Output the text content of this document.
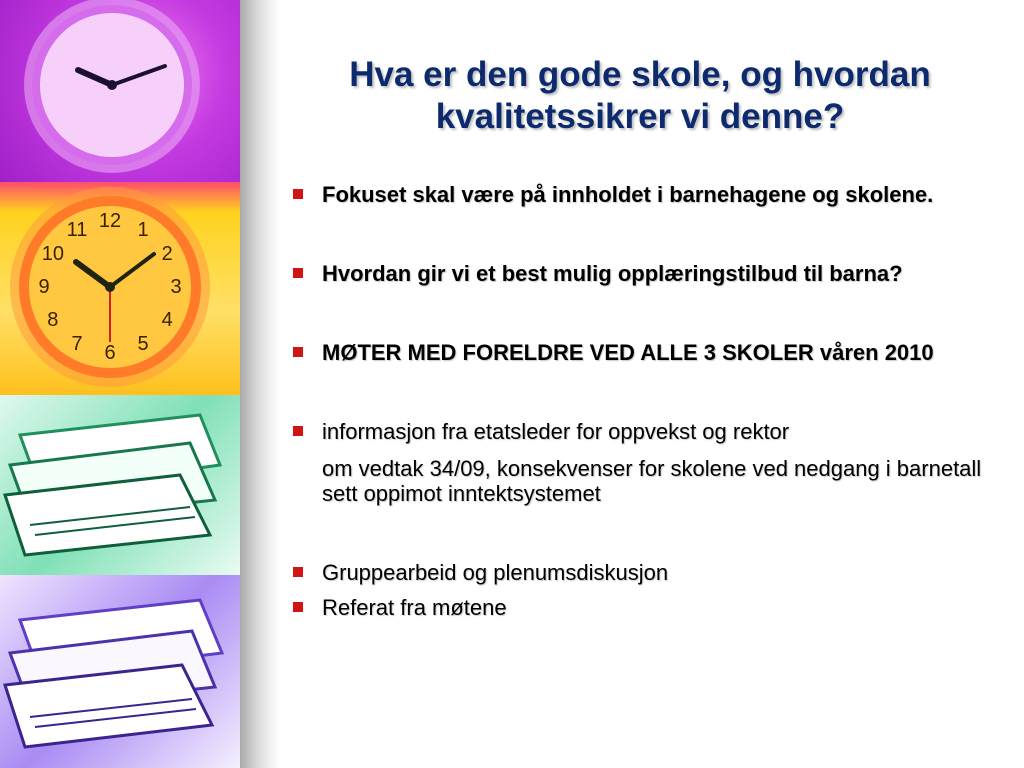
12 1
2
3
4
5
6
7
8
9
10
11
Hva er den gode skole, og hvordan
kvalitetssikrer vi denne?
Fokuset skal være på innholdet i barnehagene og skolene.
Hvordan gir vi et best mulig opplæringstilbud til barna?
MØTER MED FORELDRE VED ALLE 3 SKOLER våren 2010
informasjon fra etatsleder for oppvekst og rektor
om vedtak 34/09, konsekvenser for skolene ved nedgang i barnetall sett oppimot inntektsystemet
Gruppearbeid og plenumsdiskusjon
Referat fra møtene
